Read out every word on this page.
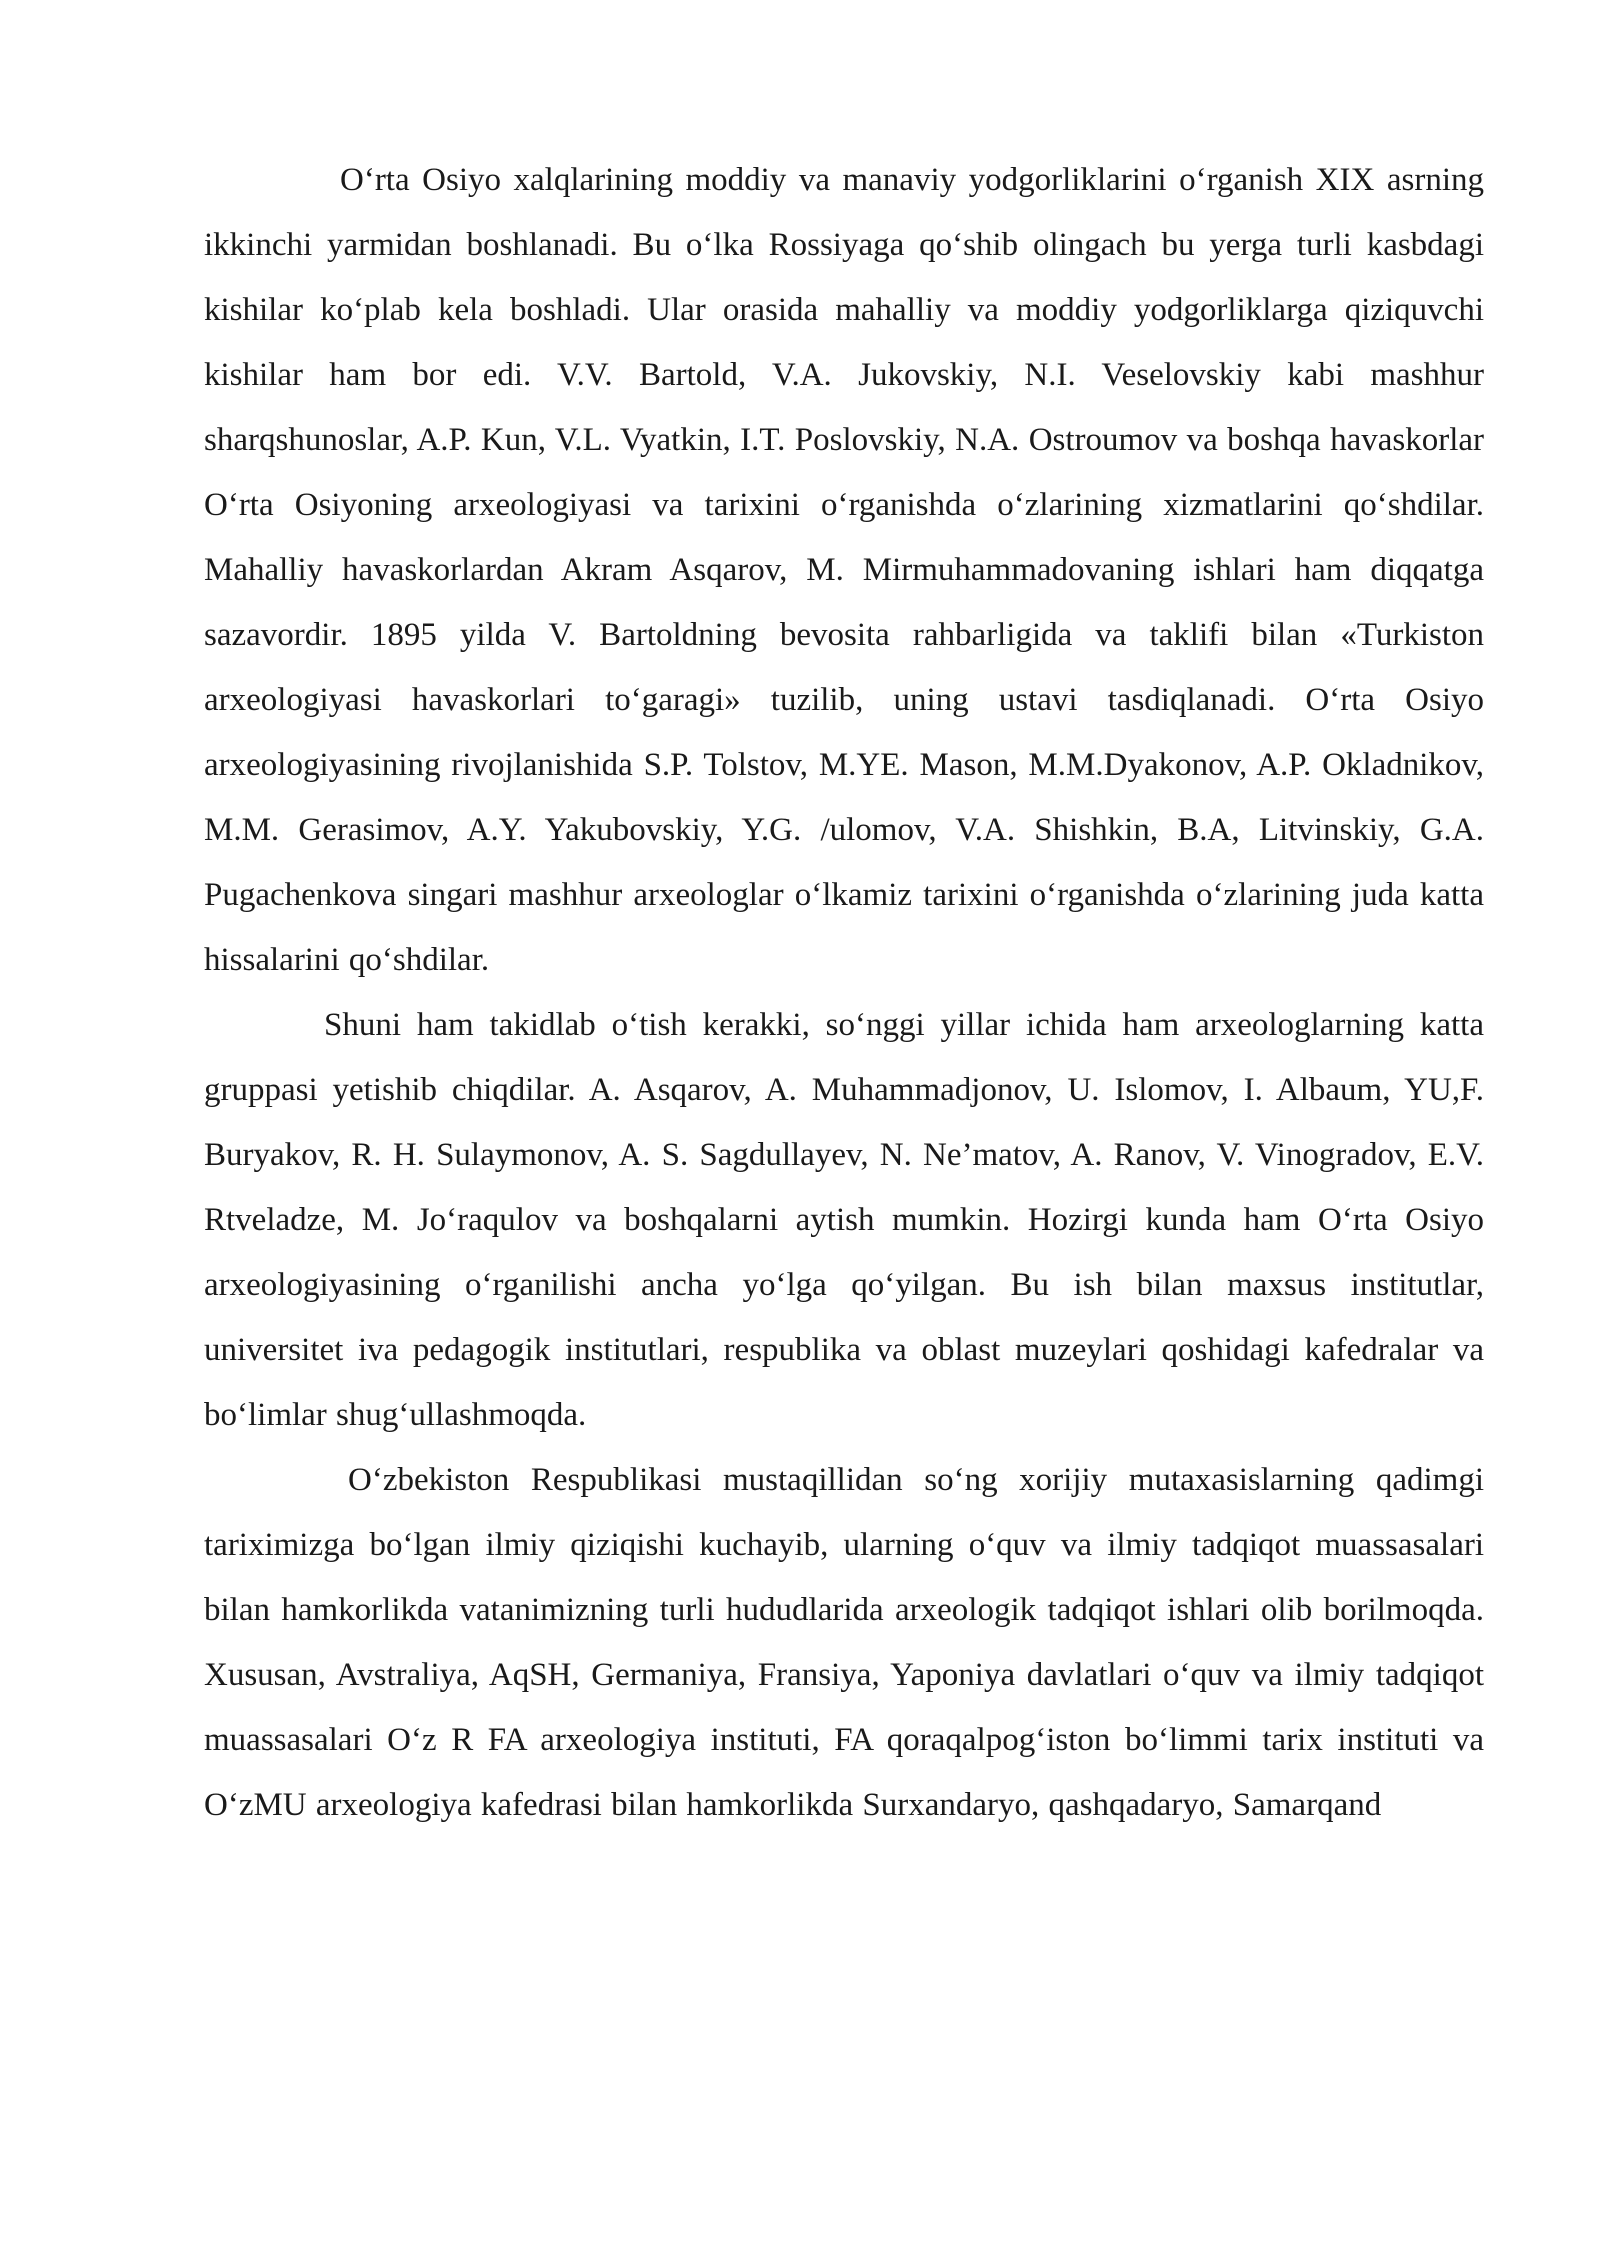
O‘rta Osiyo xalqlarining moddiy va manaviy yodgorliklarini o‘rganish XIX asrning ikkinchi yarmidan boshlanadi. Bu o‘lka Rossiyaga qo‘shib olingach bu yerga turli kasbdagi kishilar ko‘plab kela boshladi. Ular orasida mahalliy va moddiy yodgorliklarga qiziquvchi kishilar ham bor edi. V.V. Bartold, V.A. Jukovskiy, N.I. Veselovskiy kabi mashhur sharqshunoslar, A.P. Kun, V.L. Vyatkin, I.T. Poslovskiy, N.A. Ostroumov va boshqa havaskorlar O‘rta Osiyoning arxeologiyasi va tarixini o‘rganishda o‘zlarining xizmatlarini qo‘shdilar. Mahalliy havaskorlardan Akram Asqarov, M. Mirmuhammadovaning ishlari ham diqqatga sazavordir. 1895 yilda V. Bartoldning bevosita rahbarligida va taklifi bilan «Turkiston arxeologiyasi havaskorlari to‘garagi» tuzilib, uning ustavi tasdiqlanadi. O‘rta Osiyo arxeologiyasining rivojlanishida S.P. Tolstov, M.YE. Mason, M.M.Dyakonov, A.P. Okladnikov, M.M. Gerasimov, A.Y. Yakubovskiy, Y.G. /ulomov, V.A. Shishkin, B.A, Litvinskiy, G.A. Pugachenkova singari mashhur arxeologlar o‘lkamiz tarixini o‘rganishda o‘zlarining juda katta hissalarini qo‘shdilar.

Shuni ham takidlab o‘tish kerakki, so‘nggi yillar ichida ham arxeologlarning katta gruppasi yetishib chiqdilar. A. Asqarov, A. Muhammadjonov, U. Islomov, I. Albaum, YU,F. Buryakov, R. H. Sulaymonov, A. S. Sagdullayev, N. Ne’matov, A. Ranov, V. Vinogradov, E.V. Rtveladze, M. Jo‘raqulov va boshqalarni aytish mumkin. Hozirgi kunda ham O‘rta Osiyo arxeologiyasining o‘rganilishi ancha yo‘lga qo‘yilgan. Bu ish bilan maxsus institutlar, universitet iva pedagogik institutlari, respublika va oblast muzeylari qoshidagi kafedralar va bo‘limlar shug‘ullashmoqda.

O‘zbekiston Respublikasi mustaqillidan so‘ng xorijiy mutaxasislarning qadimgi tariximizga bo‘lgan ilmiy qiziqishi kuchayib, ularning o‘quv va ilmiy tadqiqot muassasalari bilan hamkorlikda vatanimizning turli hududlarida arxeologik tadqiqot ishlari olib borilmoqda. Xususan, Avstraliya, AqSH, Germaniya, Fransiya, Yaponiya davlatlari o‘quv va ilmiy tadqiqot muassasalari O‘z R FA arxeologiya instituti, FA qoraqalpog‘iston bo‘limmi tarix instituti va O‘zMU arxeologiya kafedrasi bilan hamkorlikda Surxandaryo, qashqadaryo, Samarqand
